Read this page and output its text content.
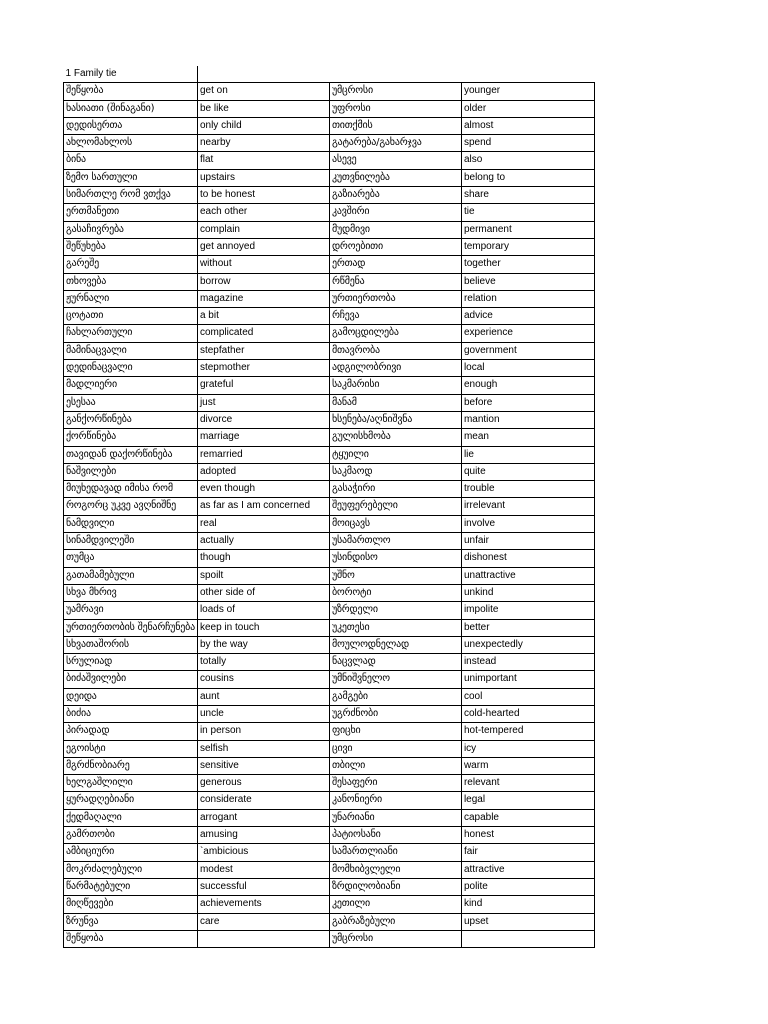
1 Family tie			
შეწყობა	get on	უმცროსი	younger
ხასიათი (შინაგანი)	be like	უფროსი	older
დედისერთა	only child	თითქმის	almost
ახლომახლოს	nearby	გატარება/გახარჯვა	spend
ბინა	flat	ასევე	also
ზემო სართული	upstairs	კუთვნილება	belong to
სიმართლე რომ ვთქვა	to be honest	გაზიარება	share
ერთმანეთი	each other	კავშირი	tie
გასაჩივრება	complain	მუდმივი	permanent
შეწუხება	get annoyed	დროებითი	temporary
გარეშე	without	ერთად	together
თხოვება	borrow	რწმენა	believe
ჟურნალი	magazine	ურთიერთობა	relation
ცოტათი	a bit	რჩევა	advice
ჩახლართული	complicated	გამოცდილება	experience
მამინაცვალი	stepfather	მთავრობა	government
დედინაცვალი	stepmother	ადგილობრივი	local
მადლიერი	grateful	საკმარისი	enough
ესესაა	just	მანამ	before
განქორწინება	divorce	ხსენება/აღნიშვნა	mantion
ქორწინება	marriage	გულისხმობა	mean
თავიდან დაქორწინება	remarried	ტყუილი	lie
ნაშვილები	adopted	საკმაოდ	quite
მიუხედავად იმისა რომ	even though	გასაჭირი	trouble
როგორც უკვე ავღნიშნე	as far as I am concerned	შეუფერებელი	irrelevant
ნამდვილი	real	მოიცავს	involve
სინამდვილეში	actually	უსამართლო	unfair
თუმცა	though	უსინდისო	dishonest
გათამამებული	spoilt	უშნო	unattractive
სხვა მხრივ	other side of	ბოროტი	unkind
უამრავი	loads of	უზრდელი	impolite
ურთიერთობის შენარჩუნება	keep in touch	უკეთესი	better
სხვათაშორის	by the way	მოულოდნელად	unexpectedly
სრულიად	totally	ნაცვლად	instead
ბიძაშვილები	cousins	უმნიშვნელო	unimportant
დეიდა	aunt	გამგები	cool
ბიძია	uncle	უგრძნობი	cold-hearted
პირადად	in person	ფიცხი	hot-tempered
ეგოისტი	selfish	ცივი	icy
მგრძნობიარე	sensitive	თბილი	warm
ხელგაშლილი	generous	შესაფერი	relevant
ყურადღებიანი	considerate	კანონიერი	legal
ქედმაღალი	arrogant	უნარიანი	capable
გამრთობი	amusing	პატიოსანი	honest
ამბიციური	`ambicious	სამართლიანი	fair
მოკრძალებული	modest	მომხიბვლელი	attractive
წარმატებული	successful	ზრდილობიანი	polite
მიღწევები	achievements	კეთილი	kind
ზრუნვა	care	გაბრაზებული	upset
შეწყობა		უმცროსი	
